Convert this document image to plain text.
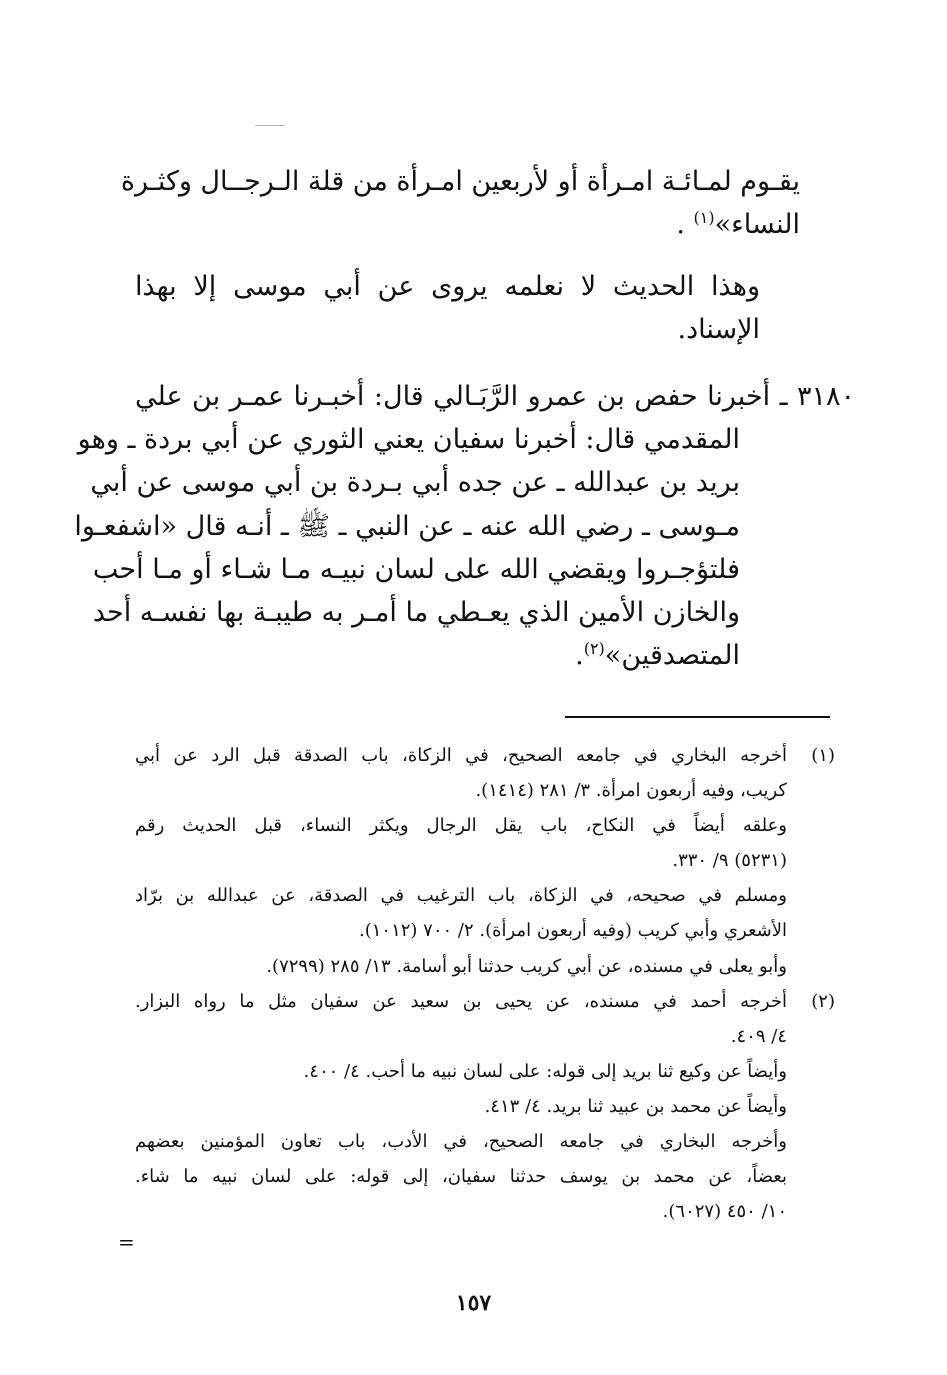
يقـوم لمـائـة امـرأة أو لأربعين امـرأة من قلة الـرجــال وكثـرة
النساء»$^{(١)}$ .
وهذا الحديث لا نعلمه يروى عن أبي موسى إلا بهذا
الإسناد.
٣١٨٠ ـ أخبرنا حفص بن عمرو الرَّبَـالي قال: أخبـرنا عمـر بن علي
المقدمي قال: أخبرنا سفيان يعني الثوري عن أبي بردة ـ وهو
بريد بن عبدالله ـ عن جده أبي بـردة بن أبي موسى عن أبي
مـوسى ـ رضي الله عنه ـ عن النبي ـ ﷺ ـ أنـه قال «اشفعـوا
فلتؤجـروا ويقضي الله على لسان نبيـه مـا شـاء أو مـا أحب
والخازن الأمين الذي يعـطي ما أمـر به طيبـة بها نفسـه أحد
المتصدقين»$^{(٢)}$.
(١)أخرجه البخاري في جامعه الصحيح، في الزكاة، باب الصدقة قبل الرد عن أبي
كريب، وفيه أربعون امرأة. ٣/ ٢٨١ (١٤١٤).
وعلقه أيضاً في النكاح، باب يقل الرجال ويكثر النساء، قبل الحديث رقم
(٥٢٣١) ٩/ ٣٣٠.
ومسلم في صحيحه، في الزكاة، باب الترغيب في الصدقة، عن عبدالله بن برّاد
الأشعري وأبي كريب (وفيه أربعون امرأة). ٢/ ٧٠٠ (١٠١٢).
وأبو يعلى في مسنده، عن أبي كريب حدثنا أبو أسامة. ١٣/ ٢٨٥ (٧٢٩٩).
(٢)أخرجه أحمد في مسنده، عن يحيى بن سعيد عن سفيان مثل ما رواه البزار.
٤/ ٤٠٩.
وأيضاً عن وكيع ثنا بريد إلى قوله: على لسان نبيه ما أحب. ٤/ ٤٠٠.
وأيضاً عن محمد بن عبيد ثنا بريد. ٤/ ٤١٣.
وأخرجه البخاري في جامعه الصحيح، في الأدب، باب تعاون المؤمنين بعضهم
بعضاً، عن محمد بن يوسف حدثنا سفيان، إلى قوله: على لسان نبيه ما شاء.
١٠/ ٤٥٠ (٦٠٢٧).
=
١٥٧
